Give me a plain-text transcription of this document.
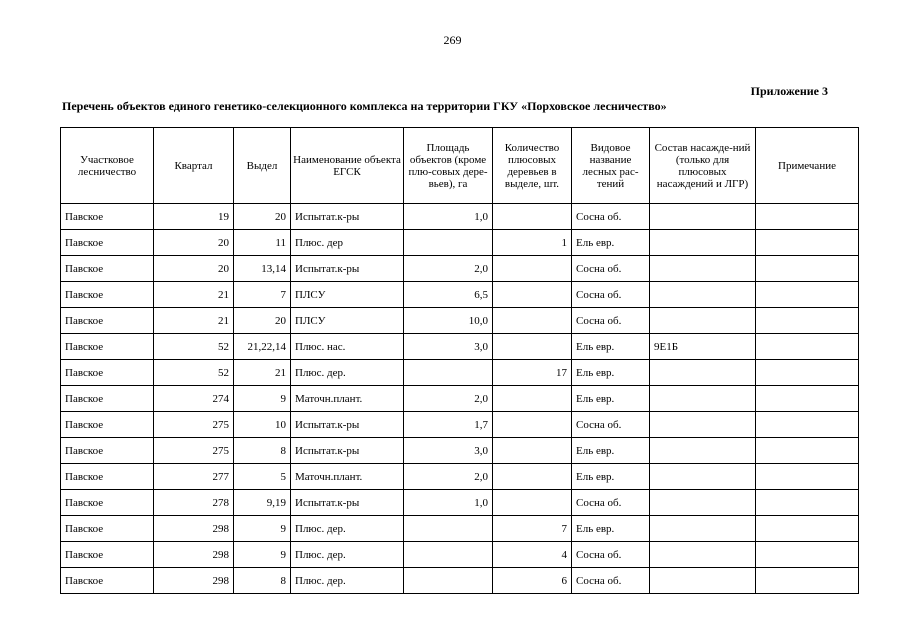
269
Приложение 3
Перечень объектов единого генетико-селекционного комплекса на территории ГКУ «Порховское лесничество»
Участковое лесничество	Квартал	Выдел	Наименование объекта ЕГСК	Площадь объектов (кроме плю-совых дере-вьев), га	Количество плюсовых деревьев в выделе, шт.	Видовое название лесных рас-тений	Состав насажде-ний (только для плюсовых насаждений и ЛГР)	Примечание
Павское	19	20	Испытат.к-ры	1,0		Сосна об.		
Павское	20	11	Плюс. дер		1	Ель евр.		
Павское	20	13,14	Испытат.к-ры	2,0		Сосна об.		
Павское	21	7	ПЛСУ	6,5		Сосна об.		
Павское	21	20	ПЛСУ	10,0		Сосна об.		
Павское	52	21,22,14	Плюс. нас.	3,0		Ель евр.	9Е1Б	
Павское	52	21	Плюс. дер.		17	Ель евр.		
Павское	274	9	Маточн.плант.	2,0		Ель евр.		
Павское	275	10	Испытат.к-ры	1,7		Сосна об.		
Павское	275	8	Испытат.к-ры	3,0		Ель евр.		
Павское	277	5	Маточн.плант.	2,0		Ель евр.		
Павское	278	9,19	Испытат.к-ры	1,0		Сосна об.		
Павское	298	9	Плюс. дер.		7	Ель евр.		
Павское	298	9	Плюс. дер.		4	Сосна об.		
Павское	298	8	Плюс. дер.		6	Сосна об.		
